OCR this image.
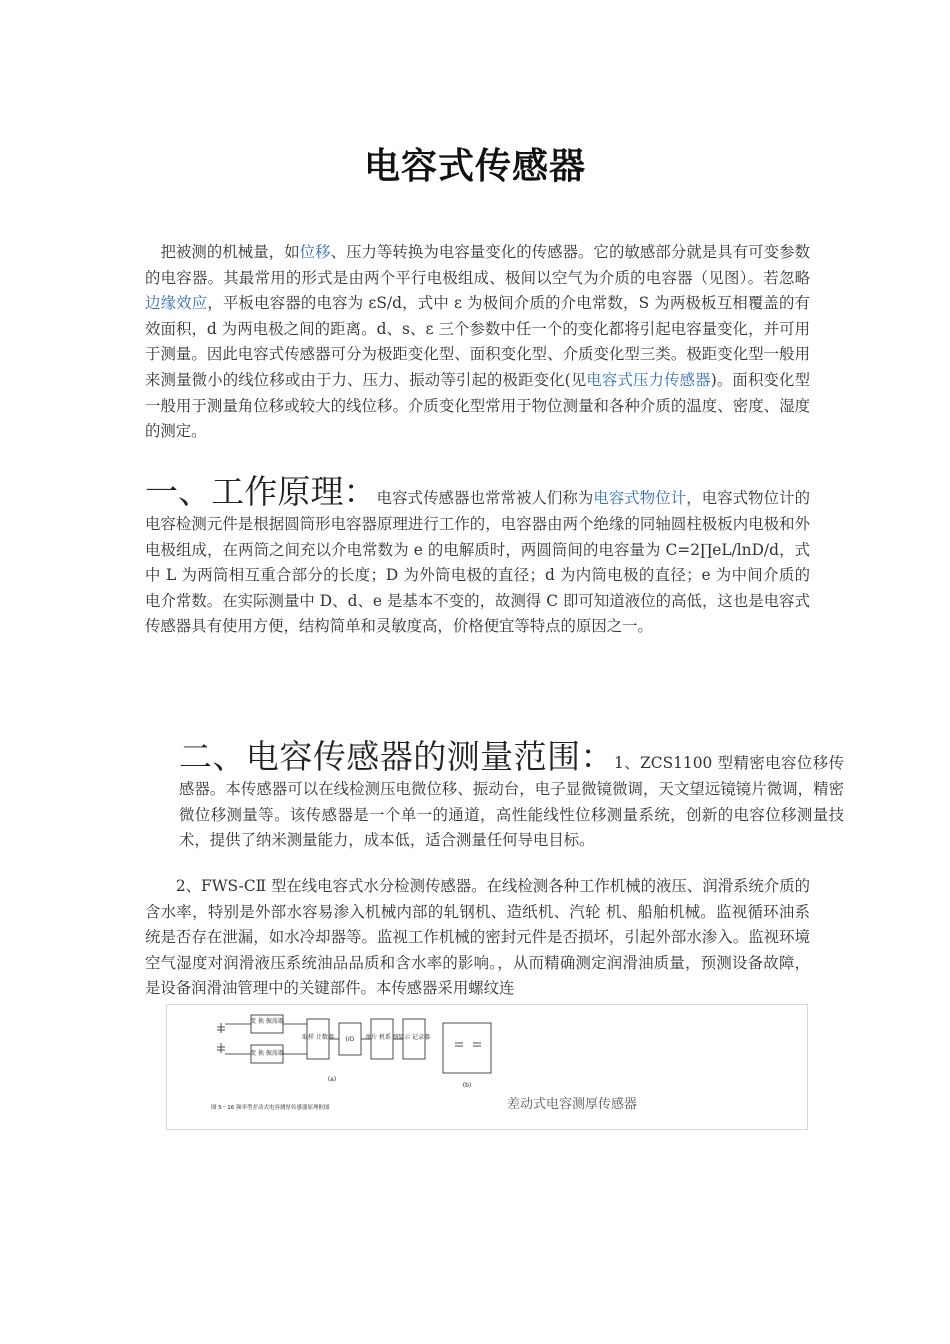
电容式传感器

　把被测的机械量，如位移、压力等转换为电容量变化的传感器。它的敏感部分就是具有可变参数的电容器。其最常用的形式是由两个平行电极组成、极间以空气为介质的电容器（见图）。若忽略边缘效应，平板电容器的电容为 εS/d，式中 ε 为极间介质的介电常数，S 为两极板互相覆盖的有效面积，d 为两电极之间的距离。d、s、ε 三个参数中任一个的变化都将引起电容量变化，并可用于测量。因此电容式传感器可分为极距变化型、面积变化型、介质变化型三类。极距变化型一般用来测量微小的线位移或由于力、压力、振动等引起的极距变化(见电容式压力传感器)。面积变化型一般用于测量角位移或较大的线位移。介质变化型常用于物位测量和各种介质的温度、密度、湿度的测定。

一、工作原理：电容式传感器也常常被人们称为电容式物位计，电容式物位计的电容检测元件是根据圆筒形电容器原理进行工作的，电容器由两个绝缘的同轴圆柱极板内电极和外电极组成，在两筒之间充以介电常数为 e 的电解质时，两圆筒间的电容量为 C=2∏eL/lnD/d，式中 L 为两筒相互重合部分的长度；D 为外筒电极的直径；d 为内筒电极的直径；e 为中间介质的电介常数。在实际测量中 D、d、e 是基本不变的，故测得 C 即可知道液位的高低，这也是电容式传感器具有使用方便，结构简单和灵敏度高，价格便宜等特点的原因之一。

二、电容传感器的测量范围：1、ZCS1100 型精密电容位移传感器。本传感器可以在线检测压电微位移、振动台，电子显微镜微调，天文望远镜镜片微调，精密微位移测量等。该传感器是一个单一的通道，高性能线性位移测量系统，创新的电容位移测量技术，提供了纳米测量能力，成本低，适合测量任何导电目标。

　　2、FWS-CⅡ 型在线电容式水分检测传感器。在线检测各种工作机械的液压、润滑系统介质的含水率，特别是外部水容易渗入机械内部的轧钢机、造纸机、汽轮 机、船舶机械。监视循环油系统是否存在泄漏，如水冷却器等。监视工作机械的密封元件是否损坏，引起外部水渗入。监视环境空气湿度对润滑液压系统油品品质和含水率的影响。，从而精确测定润滑油质量，预测设备故障，是设备润滑油管理中的关键部件。本传感器采用螺纹连

变 换 振荡器
变 换 振荡器
取样 计数器 I/O 单片 机系 统 显示 记录器
(a)
(b)
图 5－16 频率型差动式电容测厚传感器原理框图	差动式电容测厚传感器
